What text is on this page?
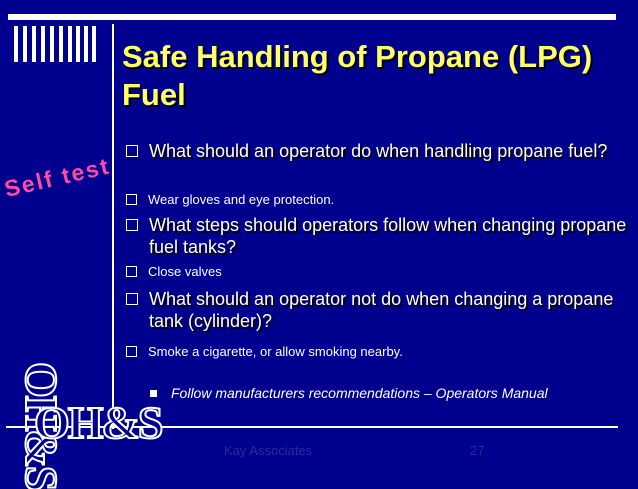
Safe Handling of Propane (LPG) Fuel
Self test
OH&S
OH&S
What should an operator do when handling propane fuel?
Wear gloves and eye protection.
What steps should operators follow when changing propane fuel tanks?
Close valves
What should an operator not do when changing a propane tank (cylinder)?
Smoke a cigarette, or allow smoking nearby.
Follow manufacturers recommendations – Operators Manual
Kay Associates	27
